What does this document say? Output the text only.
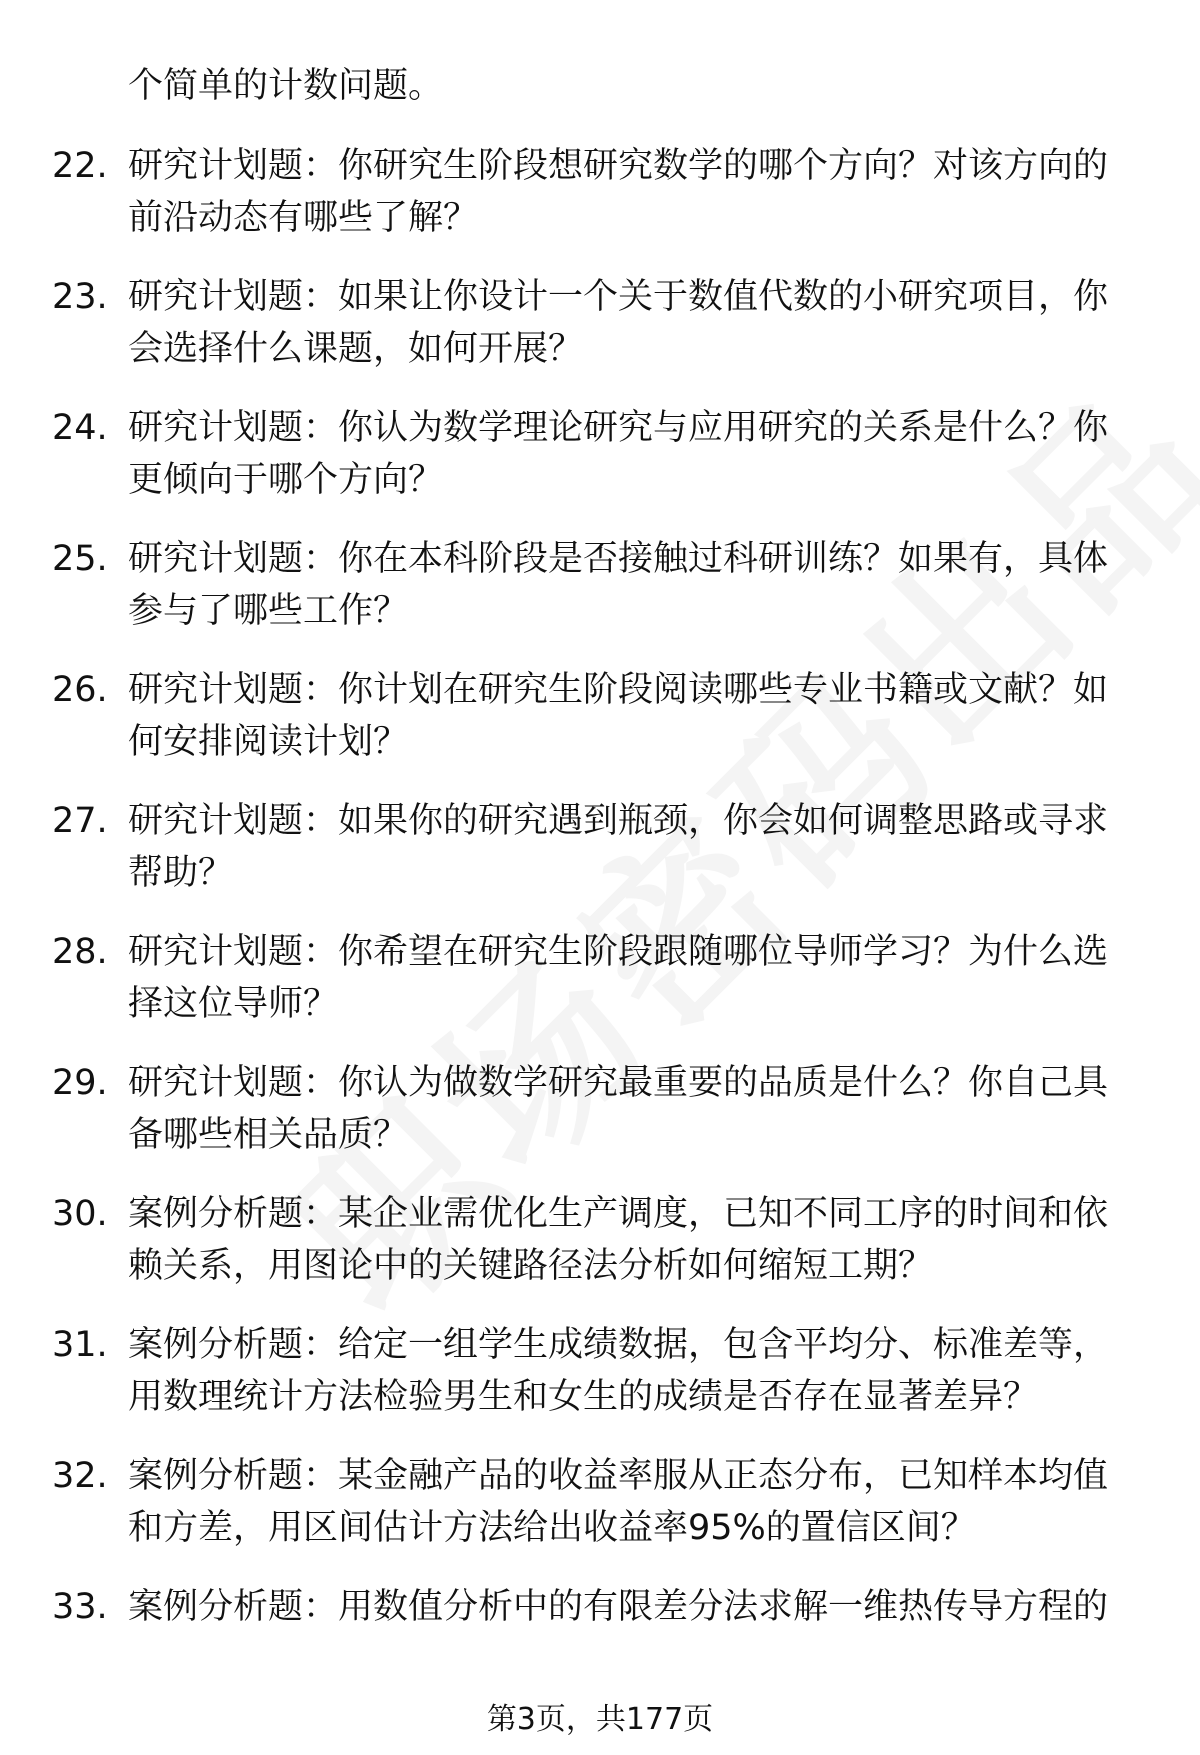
个简单的计数问题。

22. 研究计划题：你研究生阶段想研究数学的哪个方向？对该方向的前沿动态有哪些了解？
23. 研究计划题：如果让你设计一个关于数值代数的小研究项目，你会选择什么课题，如何开展？
24. 研究计划题：你认为数学理论研究与应用研究的关系是什么？你更倾向于哪个方向？
25. 研究计划题：你在本科阶段是否接触过科研训练？如果有，具体参与了哪些工作？
26. 研究计划题：你计划在研究生阶段阅读哪些专业书籍或文献？如何安排阅读计划？
27. 研究计划题：如果你的研究遇到瓶颈，你会如何调整思路或寻求帮助？
28. 研究计划题：你希望在研究生阶段跟随哪位导师学习？为什么选择这位导师？
29. 研究计划题：你认为做数学研究最重要的品质是什么？你自己具备哪些相关品质？
30. 案例分析题：某企业需优化生产调度，已知不同工序的时间和依赖关系，用图论中的关键路径法分析如何缩短工期？
31. 案例分析题：给定一组学生成绩数据，包含平均分、标准差等，用数理统计方法检验男生和女生的成绩是否存在显著差异？
32. 案例分析题：某金融产品的收益率服从正态分布，已知样本均值和方差，用区间估计方法给出收益率95%的置信区间？
33. 案例分析题：用数值分析中的有限差分法求解一维热传导方程的

第3页，共177页
